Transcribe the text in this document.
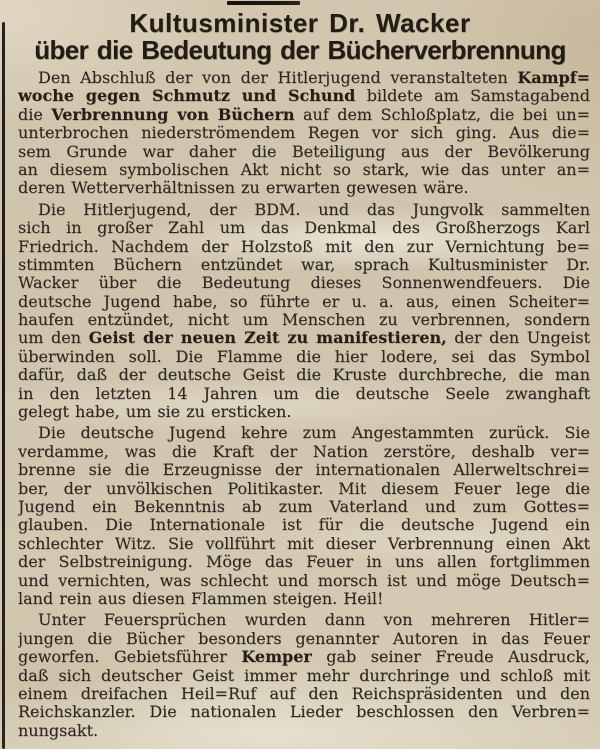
Kultusminister Dr. Wacker
über die Bedeutung der Bücherverbrennung
Den Abschluß der von der Hitlerjugend veranstalteten Kampf=
woche gegen Schmutz und Schund bildete am Samstagabend
die Verbrennung von Büchern auf dem Schloßplatz, die bei un=
unterbrochen niederströmendem Regen vor sich ging. Aus die=
sem Grunde war daher die Beteiligung aus der Bevölkerung
an diesem symbolischen Akt nicht so stark, wie das unter an=
deren Wetterverhältnissen zu erwarten gewesen wäre.
Die Hitlerjugend, der BDM. und das Jungvolk sammelten
sich in großer Zahl um das Denkmal des Großherzogs Karl
Friedrich. Nachdem der Holzstoß mit den zur Vernichtung be=
stimmten Büchern entzündet war, sprach Kultusminister Dr.
Wacker über die Bedeutung dieses Sonnenwendfeuers. Die
deutsche Jugend habe, so führte er u. a. aus, einen Scheiter=
haufen entzündet, nicht um Menschen zu verbrennen, sondern
um den Geist der neuen Zeit zu manifestieren, der den Ungeist
überwinden soll. Die Flamme die hier lodere, sei das Symbol
dafür, daß der deutsche Geist die Kruste durchbreche, die man
in den letzten 14 Jahren um die deutsche Seele zwanghaft
gelegt habe, um sie zu ersticken.
Die deutsche Jugend kehre zum Angestammten zurück. Sie
verdamme, was die Kraft der Nation zerstöre, deshalb ver=
brenne sie die Erzeugnisse der internationalen Allerweltschrei=
ber, der unvölkischen Politikaster. Mit diesem Feuer lege die
Jugend ein Bekenntnis ab zum Vaterland und zum Gottes=
glauben. Die Internationale ist für die deutsche Jugend ein
schlechter Witz. Sie vollführt mit dieser Verbrennung einen Akt
der Selbstreinigung. Möge das Feuer in uns allen fortglimmen
und vernichten, was schlecht und morsch ist und möge Deutsch=
land rein aus diesen Flammen steigen. Heil!
Unter Feuersprüchen wurden dann von mehreren Hitler=
jungen die Bücher besonders genannter Autoren in das Feuer
geworfen. Gebietsführer Kemper gab seiner Freude Ausdruck,
daß sich deutscher Geist immer mehr durchringe und schloß mit
einem dreifachen Heil=Ruf auf den Reichspräsidenten und den
Reichskanzler. Die nationalen Lieder beschlossen den Verbren=
nungsakt.
